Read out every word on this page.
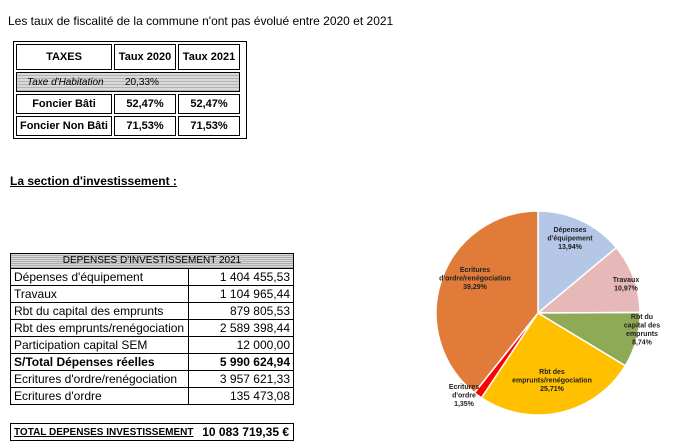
Les taux de fiscalité de la commune n'ont pas évolué entre 2020 et 2021
TAXES	Taux 2020	Taux 2021
Taxe d'Habitation 20,33%
Foncier Bâti	52,47%	52,47%
Foncier Non Bâti	71,53%	71,53%
La section d'investissement :
DEPENSES D'INVESTISSEMENT 2021
Dépenses d'équipement	1 404 455,53
Travaux	1 104 965,44
Rbt du capital des emprunts	879 805,53
Rbt des emprunts/renégociation	2 589 398,44
Participation capital SEM	12 000,00
S/Total Dépenses réelles	5 990 624,94
Ecritures d'ordre/renégociation	3 957 621,33
Ecritures d'ordre	135 473,08
TOTAL DEPENSES INVESTISSEMENT 10 083 719,35 €
Dépenses d'équipement 13,94%
Travaux 10,97%
Rbt du capital des emprunts 8,74%
Rbt des emprunts/renégociation 25,71%
Ecritures d'ordre 1,35%
Ecritures d'ordre/renégociation 39,29%
